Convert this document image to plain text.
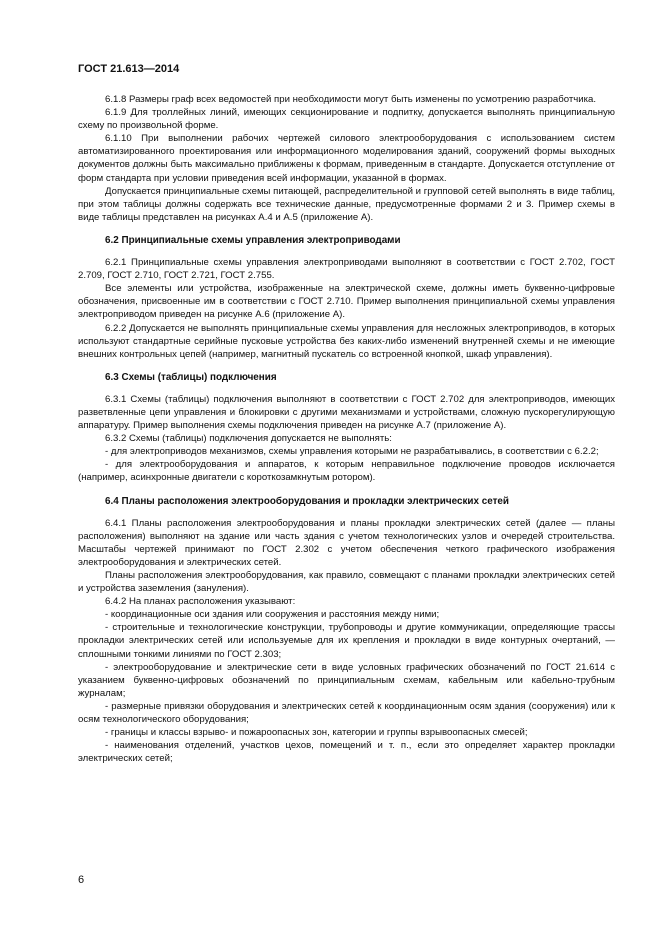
ГОСТ 21.613—2014

6.1.8 Размеры граф всех ведомостей при необходимости могут быть изменены по усмотрению разработчика.

6.1.9 Для троллейных линий, имеющих секционирование и подпитку, допускается выполнять принципиальную схему по произвольной форме.

6.1.10 При выполнении рабочих чертежей силового электрооборудования с использованием систем автоматизированного проектирования или информационного моделирования зданий, сооружений формы выходных документов должны быть максимально приближены к формам, приведенным в стандарте. Допускается отступление от форм стандарта при условии приведения всей информации, указанной в формах.

Допускается принципиальные схемы питающей, распределительной и групповой сетей выполнять в виде таблиц, при этом таблицы должны содержать все технические данные, предусмотренные формами 2 и 3. Пример схемы в виде таблицы представлен на рисунках А.4 и А.5 (приложение А).

6.2 Принципиальные схемы управления электроприводами

6.2.1 Принципиальные схемы управления электроприводами выполняют в соответствии с ГОСТ 2.702, ГОСТ 2.709, ГОСТ 2.710, ГОСТ 2.721, ГОСТ 2.755.

Все элементы или устройства, изображенные на электрической схеме, должны иметь буквенно-цифровые обозначения, присвоенные им в соответствии с ГОСТ 2.710. Пример выполнения принципиальной схемы управления электроприводом приведен на рисунке А.6 (приложение А).

6.2.2 Допускается не выполнять принципиальные схемы управления для несложных электроприводов, в которых используют стандартные серийные пусковые устройства без каких-либо изменений внутренней схемы и не имеющие внешних контрольных цепей (например, магнитный пускатель со встроенной кнопкой, шкаф управления).

6.3 Схемы (таблицы) подключения

6.3.1 Схемы (таблицы) подключения выполняют в соответствии с ГОСТ 2.702 для электроприводов, имеющих разветвленные цепи управления и блокировки с другими механизмами и устройствами, сложную пускорегулирующую аппаратуру. Пример выполнения схемы подключения приведен на рисунке А.7 (приложение А).

6.3.2 Схемы (таблицы) подключения допускается не выполнять:

- для электроприводов механизмов, схемы управления которыми не разрабатывались, в соответствии с 6.2.2;

- для электрооборудования и аппаратов, к которым неправильное подключение проводов исключается (например, асинхронные двигатели с короткозамкнутым ротором).

6.4 Планы расположения электрооборудования и прокладки электрических сетей

6.4.1 Планы расположения электрооборудования и планы прокладки электрических сетей (далее — планы расположения) выполняют на здание или часть здания с учетом технологических узлов и очередей строительства. Масштабы чертежей принимают по ГОСТ 2.302 с учетом обеспечения четкого графического изображения электрооборудования и электрических сетей.

Планы расположения электрооборудования, как правило, совмещают с планами прокладки электрических сетей и устройства заземления (зануления).

6.4.2 На планах расположения указывают:

- координационные оси здания или сооружения и расстояния между ними;

- строительные и технологические конструкции, трубопроводы и другие коммуникации, определяющие трассы прокладки электрических сетей или используемые для их крепления и прокладки в виде контурных очертаний, — сплошными тонкими линиями по ГОСТ 2.303;

- электрооборудование и электрические сети в виде условных графических обозначений по ГОСТ 21.614 с указанием буквенно-цифровых обозначений по принципиальным схемам, кабельным или кабельно-трубным журналам;

- размерные привязки оборудования и электрических сетей к координационным осям здания (сооружения) или к осям технологического оборудования;

- границы и классы взрыво- и пожароопасных зон, категории и группы взрывоопасных смесей;

- наименования отделений, участков цехов, помещений и т. п., если это определяет характер прокладки электрических сетей;

6
